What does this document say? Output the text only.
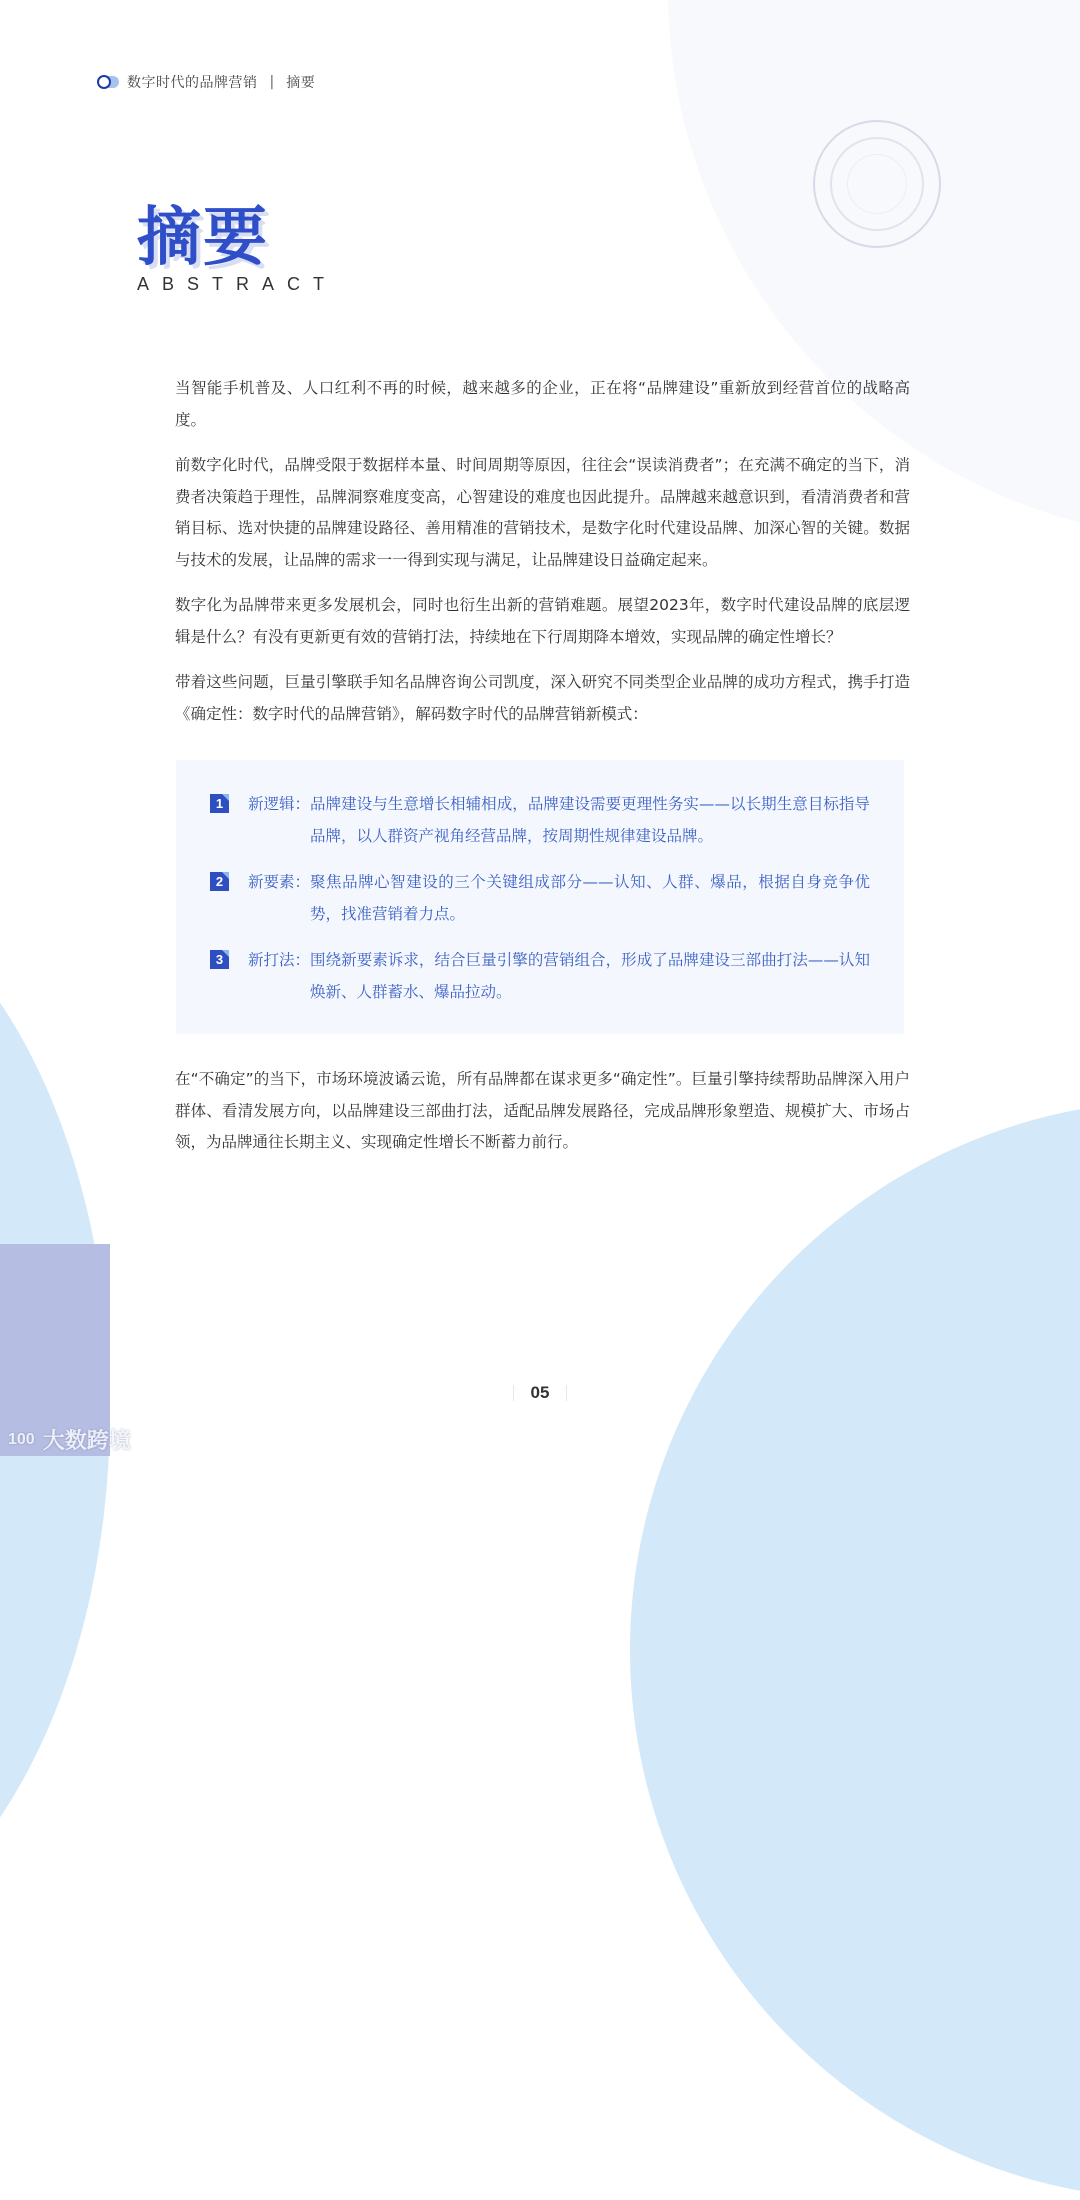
数字时代的品牌营销 | 摘要
摘要
ABSTRACT

当智能手机普及、人口红利不再的时候，越来越多的企业，正在将“品牌建设”重新放到经营首位的战略高度。

前数字化时代，品牌受限于数据样本量、时间周期等原因，往往会“误读消费者”；在充满不确定的当下，消费者决策趋于理性，品牌洞察难度变高，心智建设的难度也因此提升。品牌越来越意识到，看清消费者和营销目标、选对快捷的品牌建设路径、善用精准的营销技术，是数字化时代建设品牌、加深心智的关键。数据与技术的发展，让品牌的需求一一得到实现与满足，让品牌建设日益确定起来。

数字化为品牌带来更多发展机会，同时也衍生出新的营销难题。展望2023年，数字时代建设品牌的底层逻辑是什么？有没有更新更有效的营销打法，持续地在下行周期降本增效，实现品牌的确定性增长？

带着这些问题，巨量引擎联手知名品牌咨询公司凯度，深入研究不同类型企业品牌的成功方程式，携手打造《确定性：数字时代的品牌营销》，解码数字时代的品牌营销新模式：

1	新逻辑： 品牌建设与生意增长相辅相成，品牌建设需要更理性务实——以长期生意目标指导品牌，以人群资产视角经营品牌，按周期性规律建设品牌。
2	新要素： 聚焦品牌心智建设的三个关键组成部分——认知、人群、爆品，根据自身竞争优势，找准营销着力点。
3	新打法： 围绕新要素诉求，结合巨量引擎的营销组合，形成了品牌建设三部曲打法——认知焕新、人群蓄水、爆品拉动。

在“不确定”的当下，市场环境波谲云诡，所有品牌都在谋求更多“确定性”。巨量引擎持续帮助品牌深入用户群体、看清发展方向，以品牌建设三部曲打法，适配品牌发展路径，完成品牌形象塑造、规模扩大、市场占领，为品牌通往长期主义、实现确定性增长不断蓄力前行。

05
100 大数跨境
